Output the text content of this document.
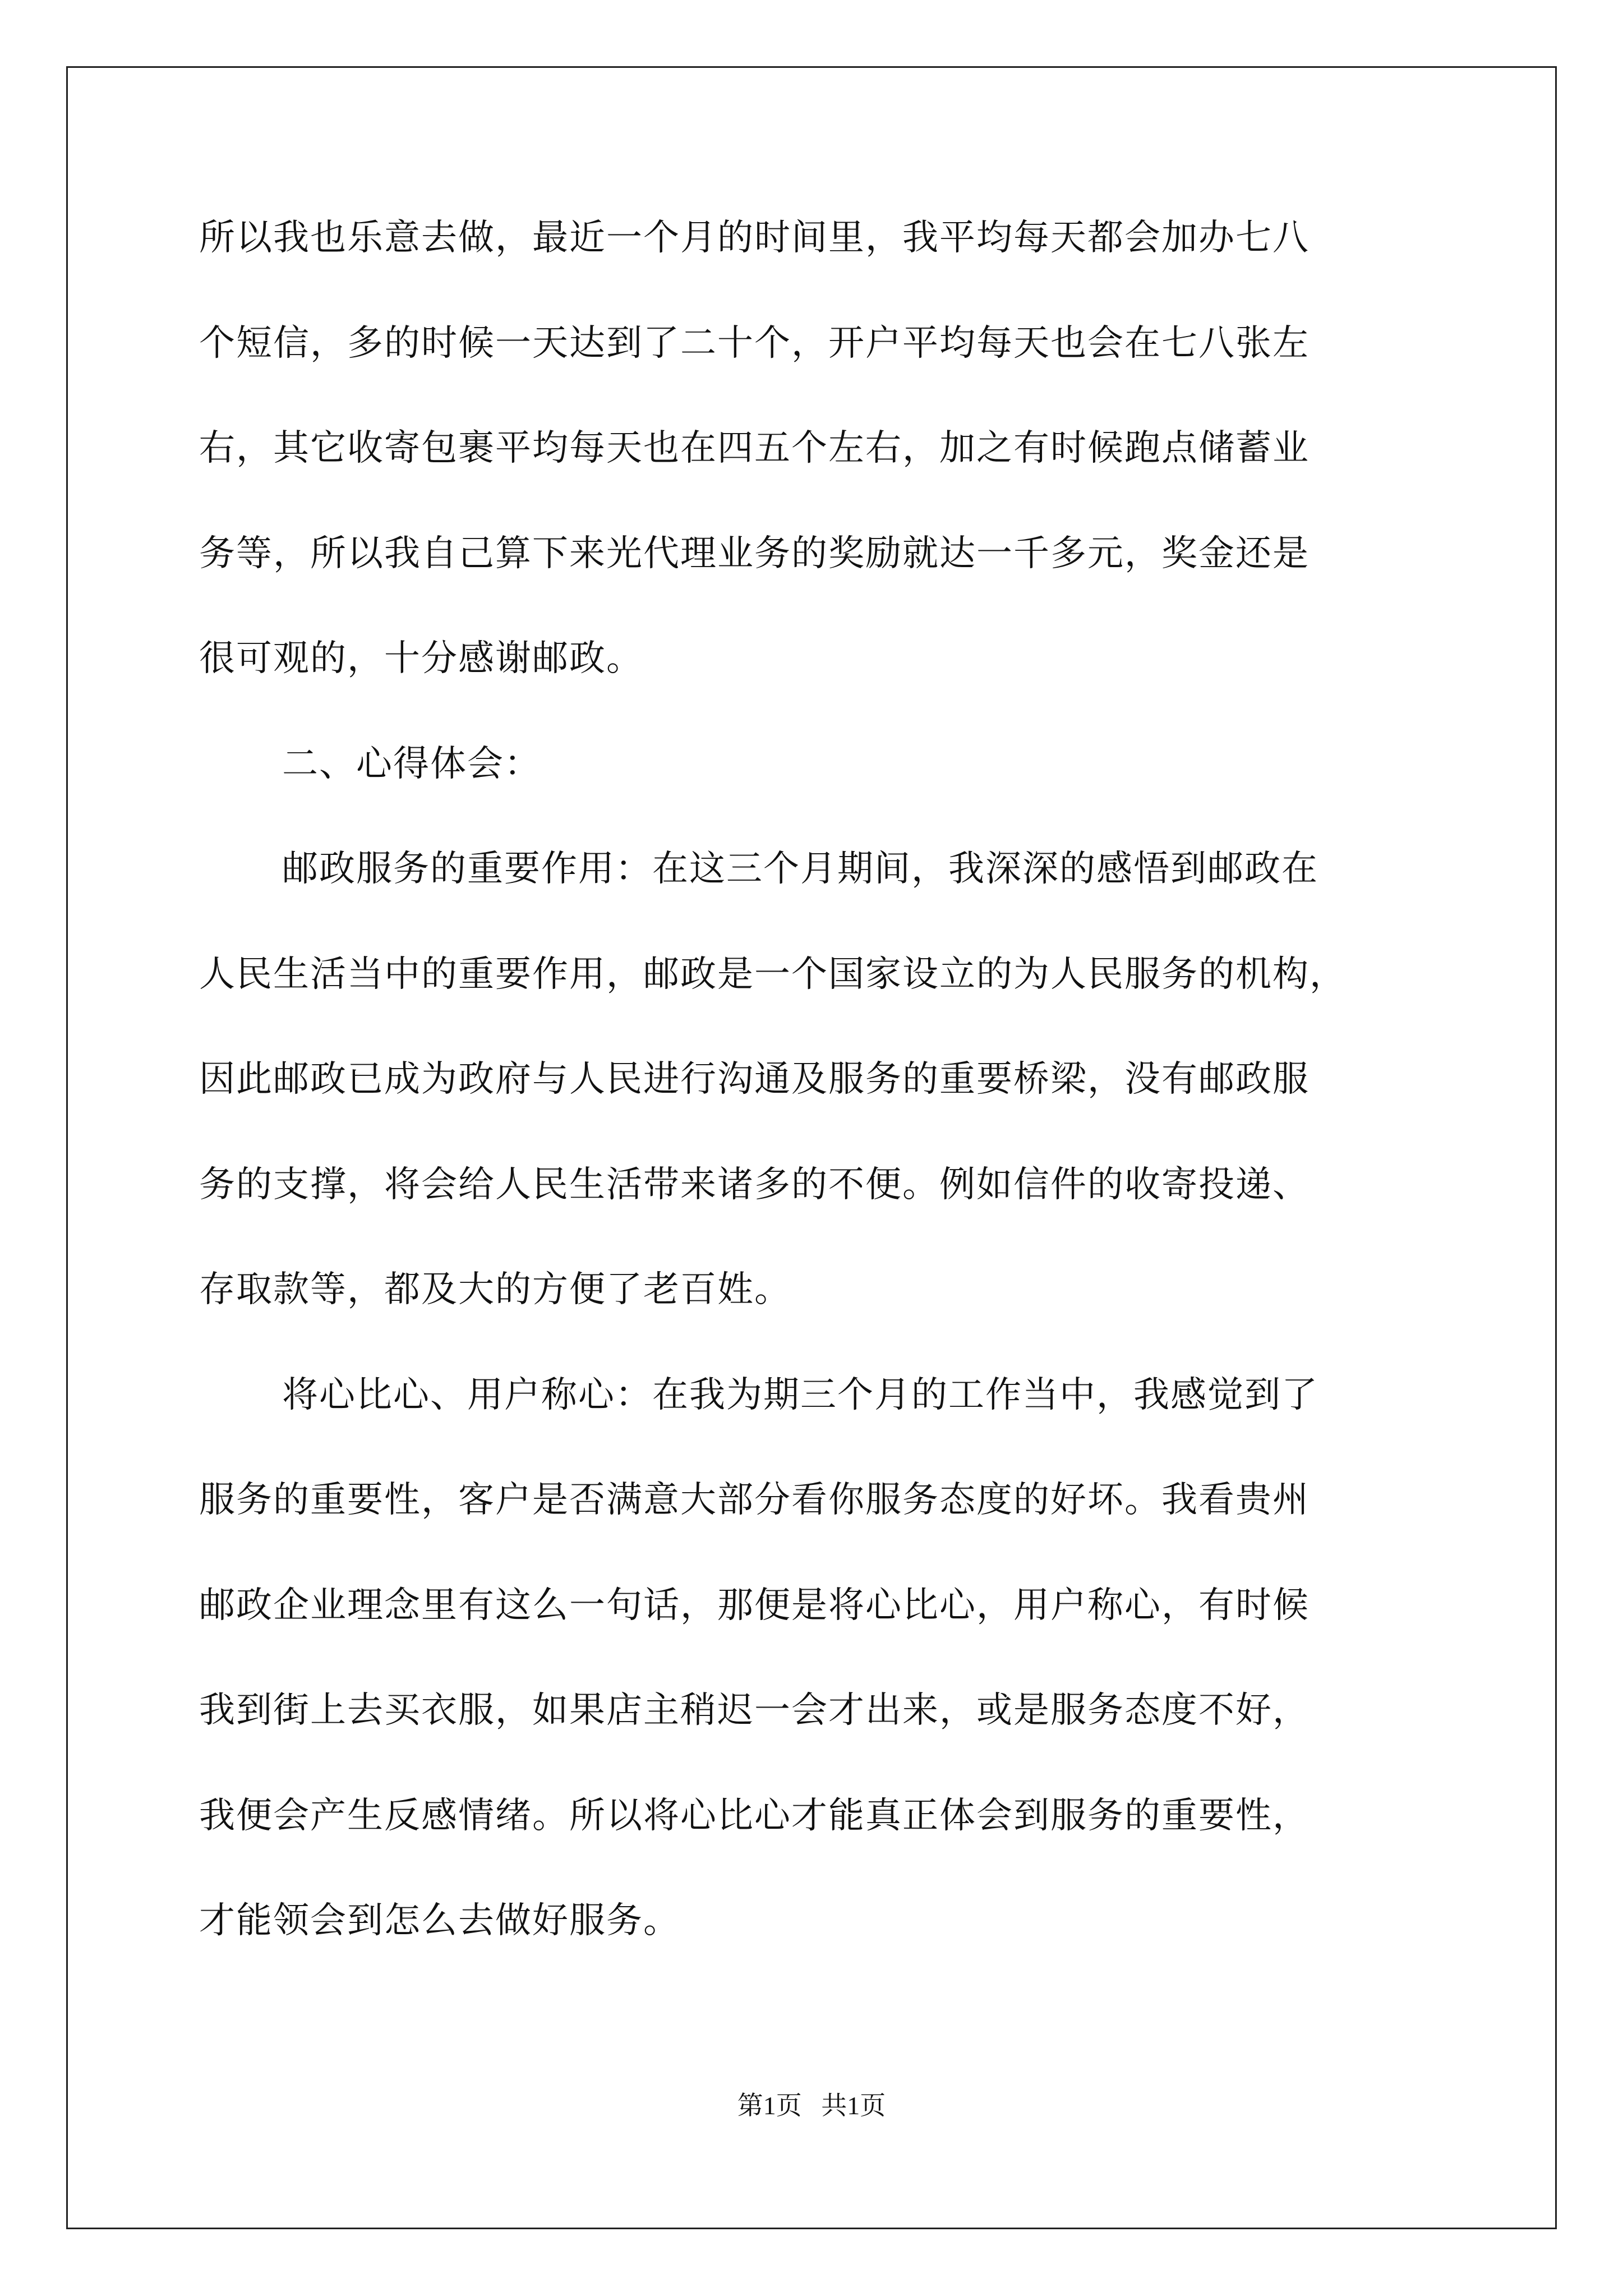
所以我也乐意去做，最近一个月的时间里，我平均每天都会加办七八
个短信，多的时候一天达到了二十个，开户平均每天也会在七八张左
右，其它收寄包裹平均每天也在四五个左右，加之有时候跑点储蓄业
务等，所以我自己算下来光代理业务的奖励就达一千多元，奖金还是
很可观的，十分感谢邮政。
二、心得体会：
邮政服务的重要作用：在这三个月期间，我深深的感悟到邮政在
人民生活当中的重要作用，邮政是一个国家设立的为人民服务的机构，
因此邮政已成为政府与人民进行沟通及服务的重要桥梁，没有邮政服
务的支撑，将会给人民生活带来诸多的不便。例如信件的收寄投递、
存取款等，都及大的方便了老百姓。
将心比心、用户称心：在我为期三个月的工作当中，我感觉到了
服务的重要性，客户是否满意大部分看你服务态度的好坏。我看贵州
邮政企业理念里有这么一句话，那便是将心比心，用户称心，有时候
我到街上去买衣服，如果店主稍迟一会才出来，或是服务态度不好，
我便会产生反感情绪。所以将心比心才能真正体会到服务的重要性，
才能领会到怎么去做好服务。
第1页 共1页
